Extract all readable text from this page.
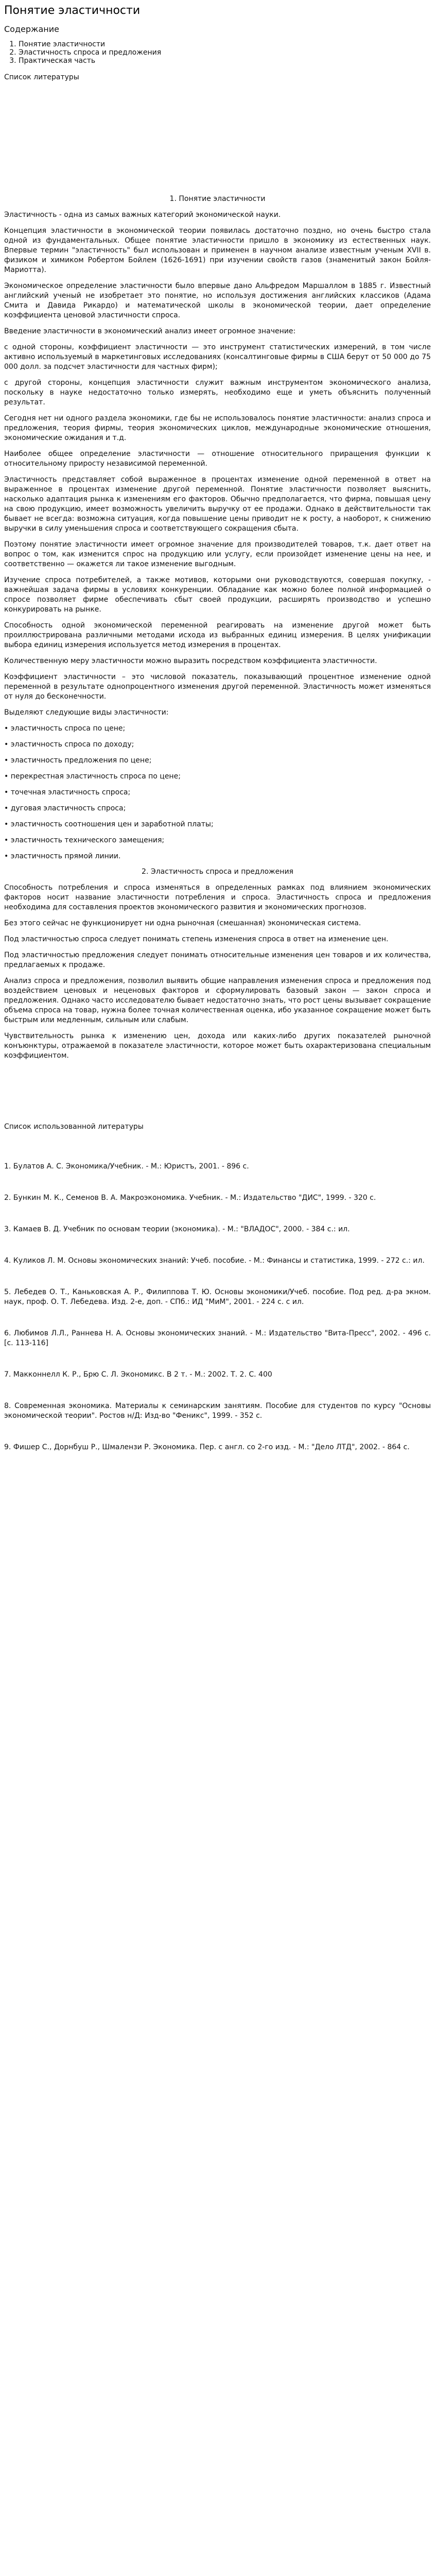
Понятие эластичности
Содержание
1. Понятие эластичности
2. Эластичность спроса и предложения
3. Практическая часть
Список литературы
1. Понятие эластичности

Эластичность - одна из самых важных категорий экономической науки.

Концепция эластичности в экономической теории появилась достаточно поздно, но очень быстро стала одной из фундаментальных. Общее понятие эластичности пришло в экономику из естественных наук. Впервые термин "эластичность" был использован и применен в научном анализе известным ученым XVII в. физиком и химиком Робертом Бойлем (1626-1691) при изучении свойств газов (знаменитый закон Бойля-Мариотта).

Экономическое определение эластичности было впервые дано Альфредом Маршаллом в 1885 г. Известный английский ученый не изобретает это понятие, но используя достижения английских классиков (Адама Смита и Давида Рикардо) и математической школы в экономической теории, дает определение коэффициента ценовой эластичности спроса.

Введение эластичности в экономический анализ имеет огромное значение:

с одной стороны, коэффициент эластичности — это инструмент статистических измерений, в том числе активно используемый в маркетинговых исследованиях (консалтинговые фирмы в США берут от 50 000 до 75 000 долл. за подсчет эластичности для частных фирм);

с другой стороны, концепция эластичности служит важным инструментом экономического анализа, поскольку в науке недостаточно только измерять, необходимо еще и уметь объяснить полученный результат.

Сегодня нет ни одного раздела экономики, где бы не использовалось понятие эластичности: анализ спроса и предложения, теория фирмы, теория экономических циклов, международные экономические отношения, экономические ожидания и т.д.

Наиболее общее определение эластичности — отношение относительного приращения функции к относительному приросту независимой переменной.

Эластичность представляет собой выраженное в процентах изменение одной переменной в ответ на выраженное в процентах изменение другой переменной. Понятие эластичности позволяет выяснить, насколько адаптация рынка к изменениям его факторов. Обычно предполагается, что фирма, повышая цену на свою продукцию, имеет возможность увеличить выручку от ее продажи. Однако в действительности так бывает не всегда: возможна ситуация, когда повышение цены приводит не к росту, а наоборот, к снижению выручки в силу уменьшения спроса и соответствующего сокращения сбыта.

Поэтому понятие эластичности имеет огромное значение для производителей товаров, т.к. дает ответ на вопрос о том, как изменится спрос на продукцию или услугу, если произойдет изменение цены на нее, и соответственно — окажется ли такое изменение выгодным.

Изучение спроса потребителей, а также мотивов, которыми они руководствуются, совершая покупку, - важнейшая задача фирмы в условиях конкуренции. Обладание как можно более полной информацией о спросе позволяет фирме обеспечивать сбыт своей продукции, расширять производство и успешно конкурировать на рынке.

Способность одной экономической переменной реагировать на изменение другой может быть проиллюстрирована различными методами исхода из выбранных единиц измерения. В целях унификации выбора единиц измерения используется метод измерения в процентах.

Количественную меру эластичности можно выразить посредством коэффициента эластичности.

Коэффициент эластичности – это числовой показатель, показывающий процентное изменение одной переменной в результате однопроцентного изменения другой переменной. Эластичность может изменяться от нуля до бесконечности.

Выделяют следующие виды эластичности:

• эластичность спроса по цене;

• эластичность спроса по доходу;

• эластичность предложения по цене;

• перекрестная эластичность спроса по цене;

• точечная эластичность спроса;

• дуговая эластичность спроса;

• эластичность соотношения цен и заработной платы;

• эластичность технического замещения;

• эластичность прямой линии.

2. Эластичность спроса и предложения

Способность потребления и спроса изменяться в определенных рамках под влиянием экономических факторов носит название эластичности потребления и спроса. Эластичность спроса и предложения необходима для составления проектов экономического развития и экономических прогнозов.

Без этого сейчас не функционирует ни одна рыночная (смешанная) экономическая система.

Под эластичностью спроса следует понимать степень изменения спроса в ответ на изменение цен.

Под эластичностью предложения следует понимать относительные изменения цен товаров и их количества, предлагаемых к продаже.

Анализ спроса и предложения, позволил выявить общие направления изменения спроса и предложения под воздействием ценовых и неценовых факторов и сформулировать базовый закон — закон спроса и предложения. Однако часто исследователю бывает недостаточно знать, что рост цены вызывает сокращение объема спроса на товар, нужна более точная количественная оценка, ибо указанное сокращение может быть быстрым или медленным, сильным или слабым.

Чувствительность рынка к изменению цен, дохода или каких-либо других показателей рыночной конъюнктуры, отражаемой в показателе эластичности, которое может быть охарактеризована специальным коэффициентом.

Список использованной литературы

1. Булатов А. С. Экономика/Учебник. - М.: Юристъ, 2001. - 896 с.

2. Бункин М. К., Семенов В. А. Макроэкономика. Учебник. - М.: Издательство "ДИС", 1999. - 320 с.

3. Камаев В. Д. Учебник по основам теории (экономика). - М.: "ВЛАДОС", 2000. - 384 с.: ил.

4. Куликов Л. М. Основы экономических знаний: Учеб. пособие. - М.: Финансы и статистика, 1999. - 272 с.: ил.

5. Лебедев О. Т., Каньковская А. Р., Филиппова Т. Ю. Основы экономики/Учеб. пособие. Под ред. д-ра экном. наук, проф. О. Т. Лебедева. Изд. 2-е, доп. - СПб.: ИД "МиМ", 2001. - 224 с. с ил.

6. Любимов Л.Л., Раннева Н. А. Основы экономических знаний. - М.: Издательство "Вита-Пресс", 2002. - 496 с. [с. 113-116]

7. Макконнелл К. Р., Брю С. Л. Экономикс. В 2 т. - М.: 2002. Т. 2. С. 400

8. Современная экономика. Материалы к семинарским занятиям. Пособие для студентов по курсу "Основы экономической теории". Ростов н/Д: Изд-во "Феникс", 1999. - 352 с.

9. Фишер С., Дорнбуш Р., Шмалензи Р. Экономика. Пер. с англ. со 2-го изд. - М.: "Дело ЛТД", 2002. - 864 с.
